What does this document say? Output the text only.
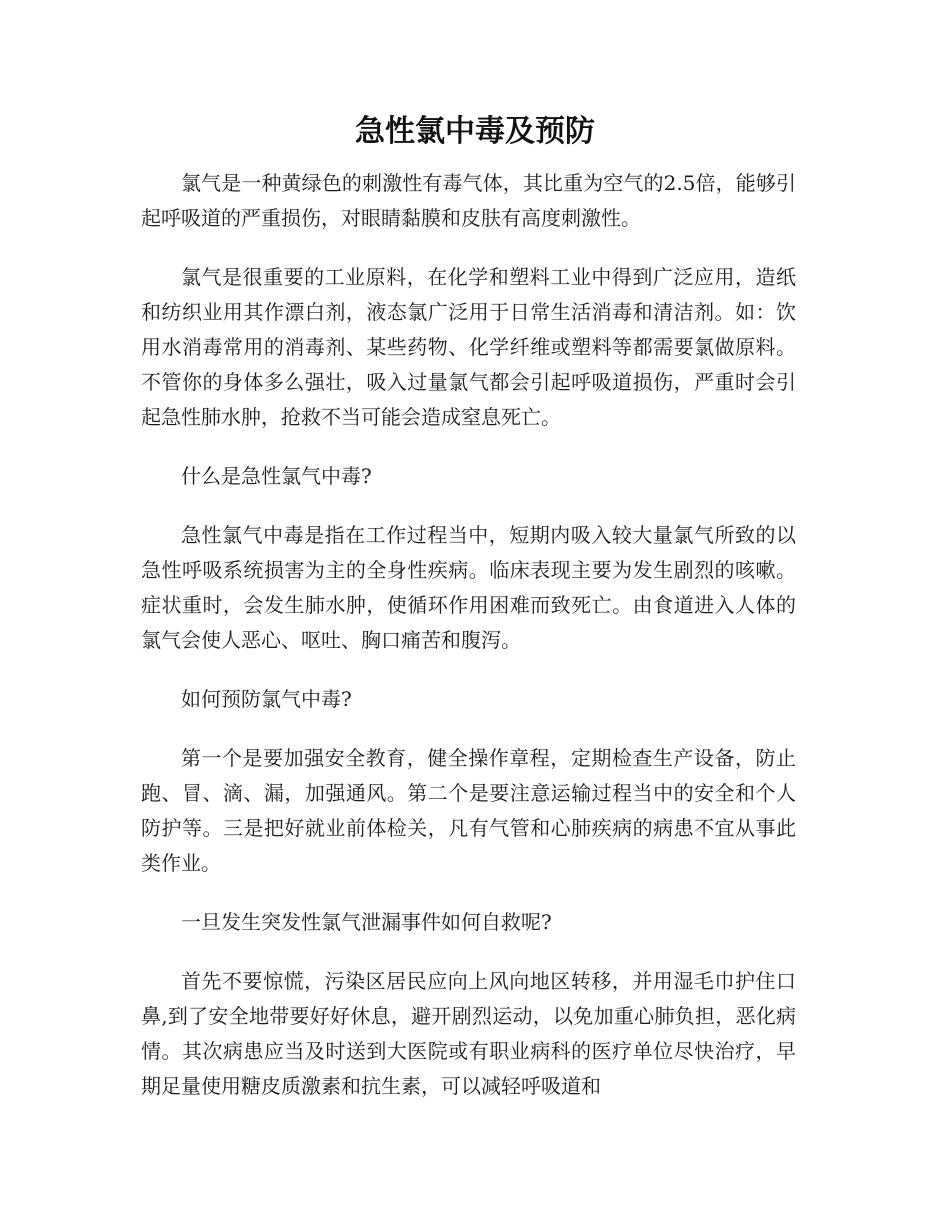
急性氯中毒及预防

氯气是一种黄绿色的刺激性有毒气体，其比重为空气的2.5倍，能够引起呼吸道的严重损伤，对眼睛黏膜和皮肤有高度刺激性。

氯气是很重要的工业原料，在化学和塑料工业中得到广泛应用，造纸和纺织业用其作漂白剂，液态氯广泛用于日常生活消毒和清洁剂。如：饮用水消毒常用的消毒剂、某些药物、化学纤维或塑料等都需要氯做原料。不管你的身体多么强壮，吸入过量氯气都会引起呼吸道损伤，严重时会引起急性肺水肿，抢救不当可能会造成窒息死亡。

什么是急性氯气中毒?

急性氯气中毒是指在工作过程当中，短期内吸入较大量氯气所致的以急性呼吸系统损害为主的全身性疾病。临床表现主要为发生剧烈的咳嗽。症状重时，会发生肺水肿，使循环作用困难而致死亡。由食道进入人体的氯气会使人恶心、呕吐、胸口痛苦和腹泻。

如何预防氯气中毒?

第一个是要加强安全教育，健全操作章程，定期检查生产设备，防止跑、冒、滴、漏，加强通风。第二个是要注意运输过程当中的安全和个人防护等。三是把好就业前体检关，凡有气管和心肺疾病的病患不宜从事此类作业。

一旦发生突发性氯气泄漏事件如何自救呢?

首先不要惊慌，污染区居民应向上风向地区转移，并用湿毛巾护住口鼻,到了安全地带要好好休息，避开剧烈运动，以免加重心肺负担，恶化病情。其次病患应当及时送到大医院或有职业病科的医疗单位尽快治疗，早期足量使用糖皮质激素和抗生素，可以减轻呼吸道和
